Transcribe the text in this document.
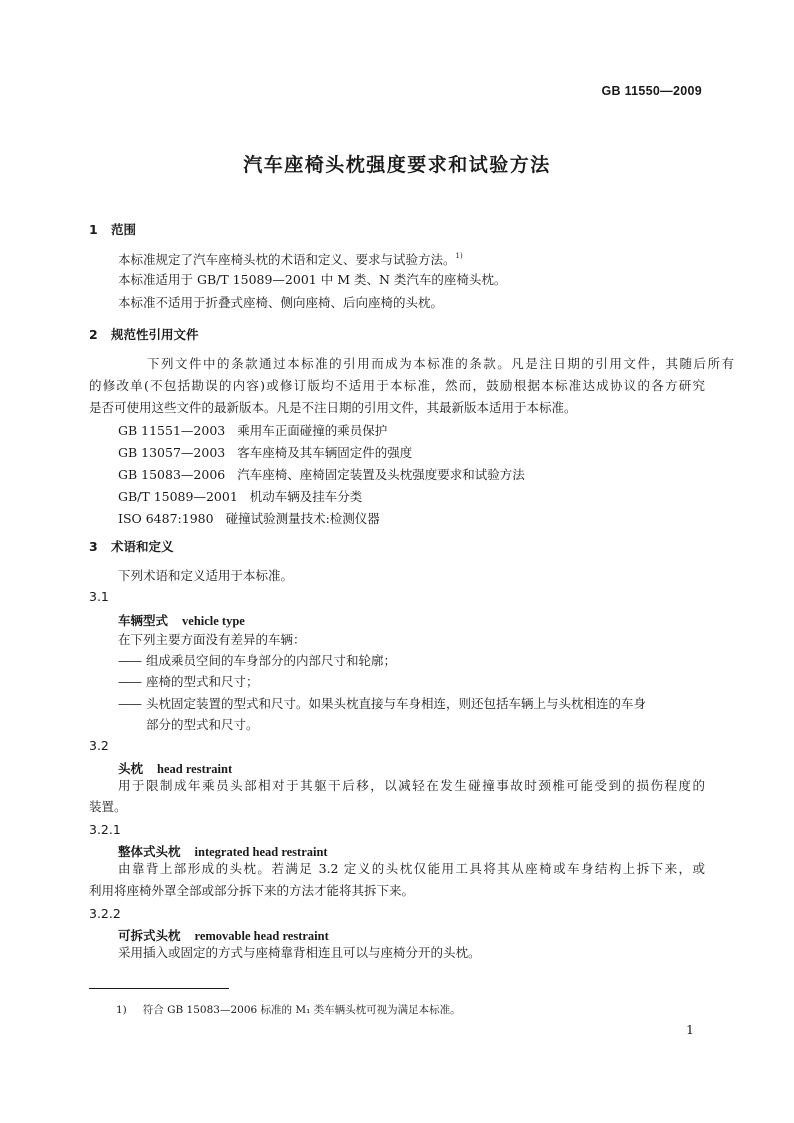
GB 11550—2009
汽车座椅头枕强度要求和试验方法
1 范围
本标准规定了汽车座椅头枕的术语和定义、要求与试验方法。$^{1)}$
本标准适用于 GB/T 15089—2001 中 M 类、N 类汽车的座椅头枕。
本标准不适用于折叠式座椅、侧向座椅、后向座椅的头枕。
2 规范性引用文件
下列文件中的条款通过本标准的引用而成为本标准的条款。凡是注日期的引用文件，其随后所有
的修改单(不包括勘误的内容)或修订版均不适用于本标准，然而，鼓励根据本标准达成协议的各方研究
是否可使用这些文件的最新版本。凡是不注日期的引用文件，其最新版本适用于本标准。
GB 11551—2003 乘用车正面碰撞的乘员保护
GB 13057—2003 客车座椅及其车辆固定件的强度
GB 15083—2006 汽车座椅、座椅固定装置及头枕强度要求和试验方法
GB/T 15089—2001 机动车辆及挂车分类
ISO 6487:1980 碰撞试验测量技术:检测仪器
3 术语和定义
下列术语和定义适用于本标准。
3.1
车辆型式 vehicle type
在下列主要方面没有差异的车辆：
—— 组成乘员空间的车身部分的内部尺寸和轮廓；
—— 座椅的型式和尺寸；
—— 头枕固定装置的型式和尺寸。如果头枕直接与车身相连，则还包括车辆上与头枕相连的车身
部分的型式和尺寸。
3.2
头枕 head restraint
用于限制成年乘员头部相对于其躯干后移，以减轻在发生碰撞事故时颈椎可能受到的损伤程度的
装置。
3.2.1
整体式头枕 integrated head restraint
由靠背上部形成的头枕。若满足 3.2 定义的头枕仅能用工具将其从座椅或车身结构上拆下来，或
利用将座椅外罩全部或部分拆下来的方法才能将其拆下来。
3.2.2
可拆式头枕 removable head restraint
采用插入或固定的方式与座椅靠背相连且可以与座椅分开的头枕。
1) 符合 GB 15083—2006 标准的 M₁ 类车辆头枕可视为满足本标准。
1
